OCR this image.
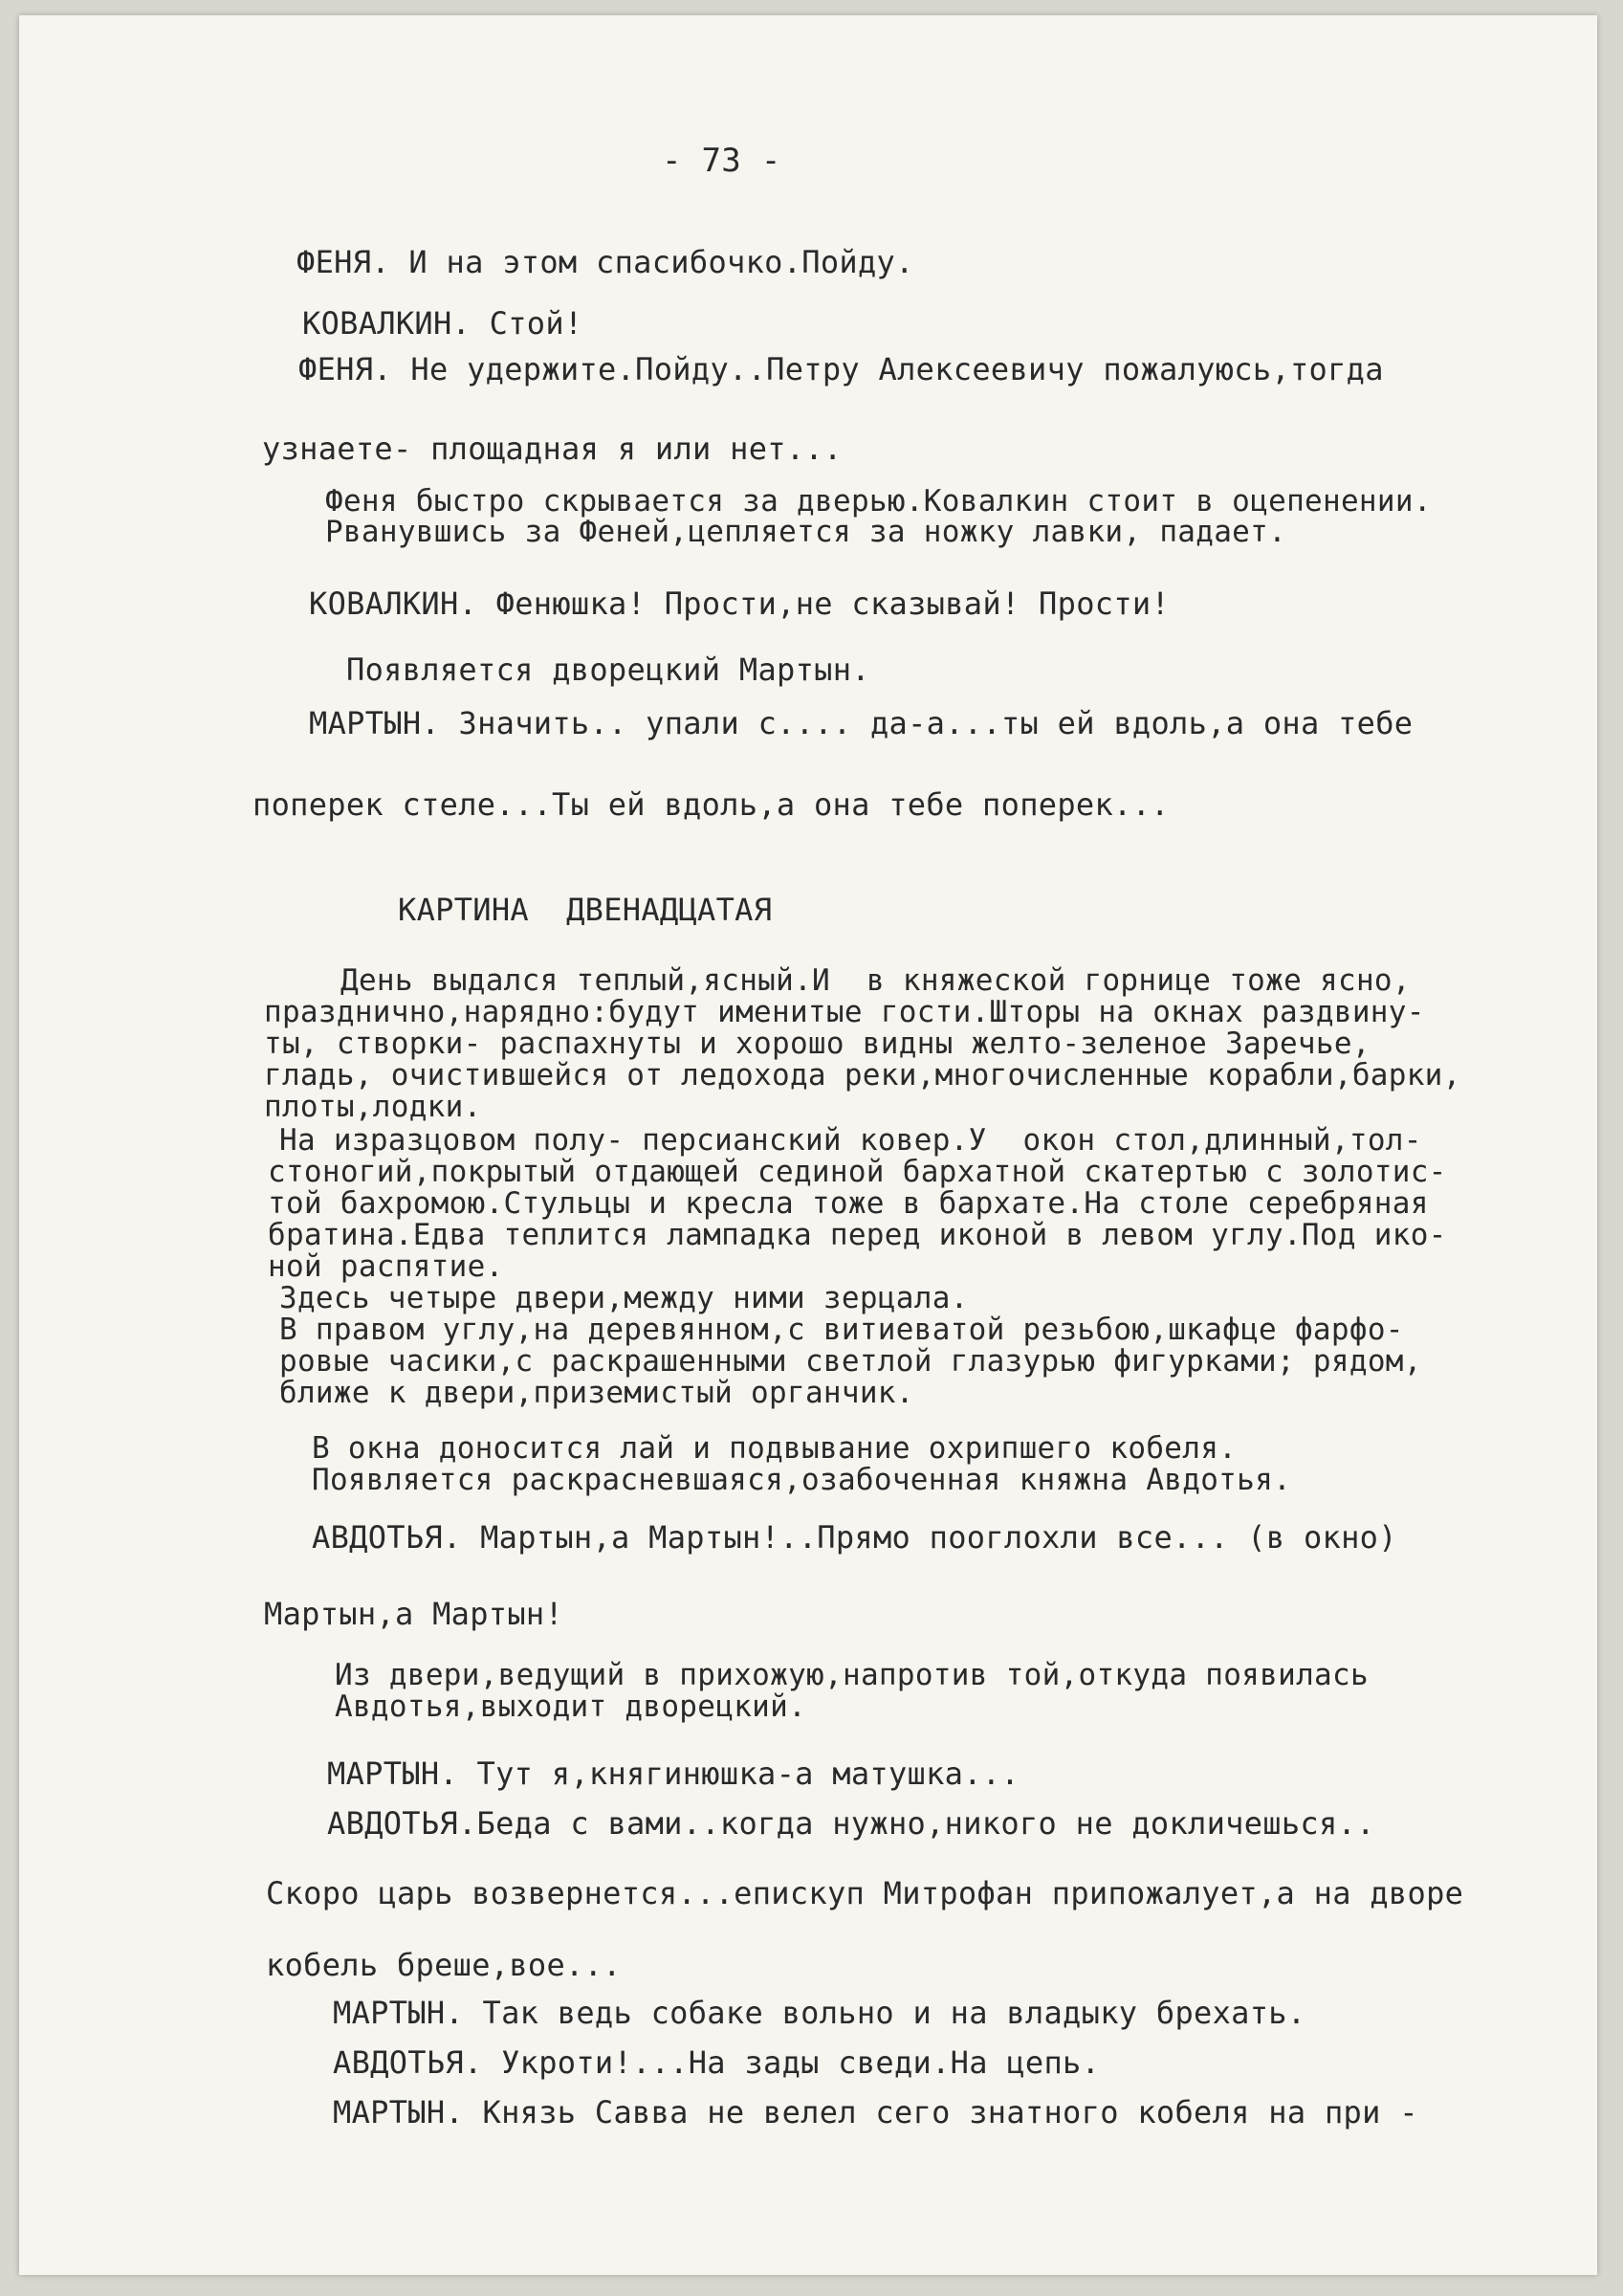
- 73 -
ФЕНЯ. И на этом спасибочко.Пойду.
КОВАЛКИН. Стой!
ФЕНЯ. Не удержите.Пойду..Петру Алексеевичу пожалуюсь,тогда
узнаете- площадная я или нет...
Феня быстро скрывается за дверью.Ковалкин стоит в оцепенении.
Рванувшись за Феней,цепляется за ножку лавки, падает.
КОВАЛКИН. Фенюшка! Прости,не сказывай! Прости!
Появляется дворецкий Мартын.
МАРТЫН. Значить.. упали с.... да-а...ты ей вдоль,а она тебе
поперек стеле...Ты ей вдоль,а она тебе поперек...
КАРТИНА  ДВЕНАДЦАТАЯ
День выдался теплый,ясный.И  в княжеской горнице тоже ясно,
празднично,нарядно:будут именитые гости.Шторы на окнах раздвину-
ты, створки- распахнуты и хорошо видны желто-зеленое Заречье,
гладь, очистившейся от ледохода реки,многочисленные корабли,барки,
плоты,лодки.
На изразцовом полу- персианский ковер.У  окон стол,длинный,тол-
стоногий,покрытый отдающей сединой бархатной скатертью с золотис-
той бахромою.Стульцы и кресла тоже в бархате.На столе серебряная
братина.Едва теплится лампадка перед иконой в левом углу.Под ико-
ной распятие.
Здесь четыре двери,между ними зерцала.
В правом углу,на деревянном,с витиеватой резьбою,шкафце фарфо-
ровые часики,с раскрашенными светлой глазурью фигурками; рядом,
ближе к двери,приземистый органчик.
В окна доносится лай и подвывание охрипшего кобеля.
Появляется раскрасневшаяся,озабоченная княжна Авдотья.
АВДОТЬЯ. Мартын,а Мартын!..Прямо пооглохли все... (в окно)
Мартын,а Мартын!
Из двери,ведущий в прихожую,напротив той,откуда появилась
Авдотья,выходит дворецкий.
МАРТЫН. Тут я,княгинюшка-а матушка...
АВДОТЬЯ.Беда с вами..когда нужно,никого не докличешься..
Скоро царь возвернется...епискуп Митрофан припожалует,а на дворе
кобель бреше,вое...
МАРТЫН. Так ведь собаке вольно и на владыку брехать.
АВДОТЬЯ. Укроти!...На зады сведи.На цепь.
МАРТЫН. Князь Савва не велел сего знатного кобеля на при -
